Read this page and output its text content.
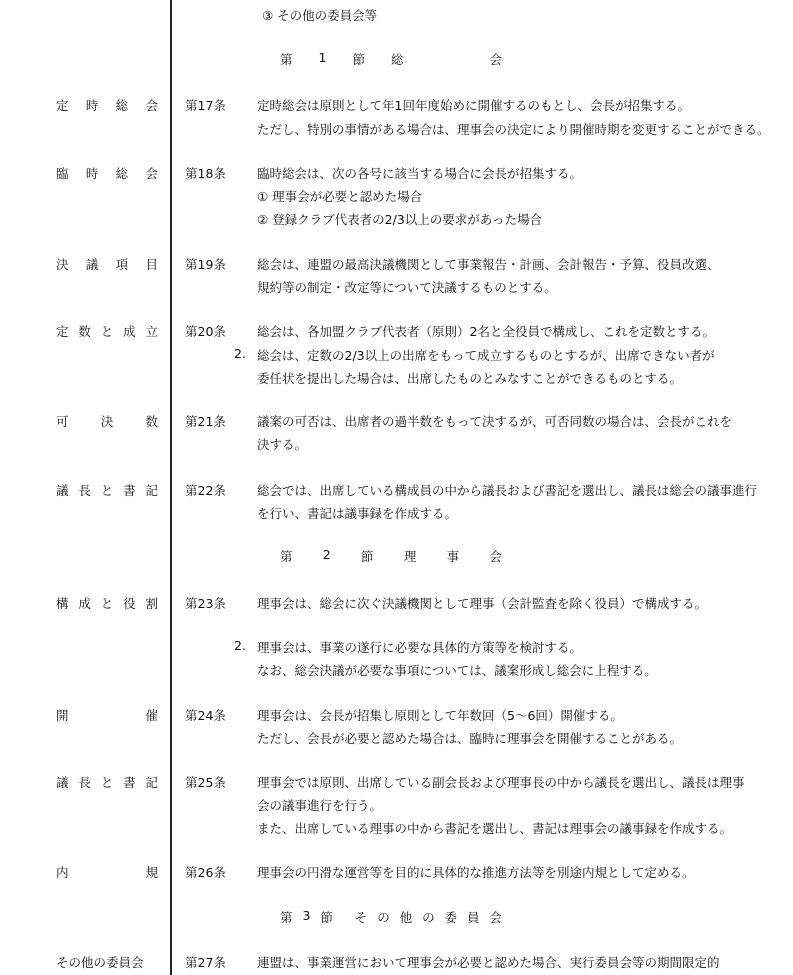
③ その他の委員会等
第 1 節 総	会
定 時 総 会 第17条 定時総会は原則として年1回年度始めに開催するのもとし、会長が招集する。
ただし、特別の事情がある場合は、理事会の決定により開催時期を変更することができる。
臨 時 総 会 第18条 臨時総会は、次の各号に該当する場合に会長が招集する。
① 理事会が必要と認めた場合
② 登録クラブ代表者の2/3以上の要求があった場合
決 議 項 目 第19条 総会は、連盟の最高決議機関として事業報告・計画、会計報告・予算、役員改選、
規約等の制定・改定等について決議するものとする。
定 数 と 成 立 第20条 総会は、各加盟クラブ代表者（原則）2名と全役員で構成し、これを定数とする。
2. 総会は、定数の2/3以上の出席をもって成立するものとするが、出席できない者が
委任状を提出した場合は、出席したものとみなすことができるものとする。
可	決	数 第21条 議案の可否は、出席者の過半数をもって決するが、可否同数の場合は、会長がこれを
決する。
議 長 と 書 記 第22条 総会では、出席している構成員の中から議長および書記を選出し、議長は総会の議事進行
を行い、書記は議事録を作成する。
第 2 節 理 事 会
構 成 と 役 割 第23条 理事会は、総会に次ぐ決議機関として理事（会計監査を除く役員）で構成する。
2. 理事会は、事業の遂行に必要な具体的方策等を検討する。
なお、総会決議が必要な事項については、議案形成し総会に上程する。
開	催 第24条 理事会は、会長が招集し原則として年数回（5～6回）開催する。
ただし、会長が必要と認めた場合は、臨時に理事会を開催することがある。
議 長 と 書 記 第25条 理事会では原則、出席している副会長および理事長の中から議長を選出し、議長は理事
会の議事進行を行う。
また、出席している理事の中から書記を選出し、書記は理事会の議事録を作成する。
内	規 第26条 理事会の円滑な運営等を目的に具体的な推進方法等を別途内規として定める。
第 3 節 そ の 他 の 委 員 会
その他の委員会	第27条 連盟は、事業運営において理事会が必要と認めた場合、実行委員会等の期間限定的
